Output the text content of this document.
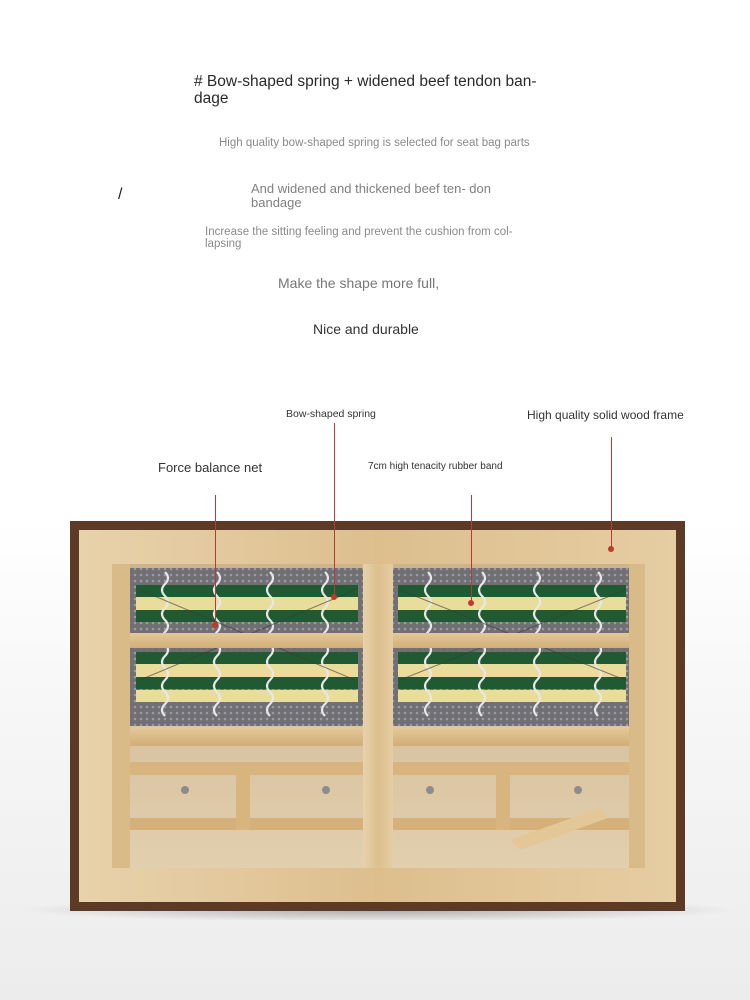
# Bow-shaped spring + widened beef tendon ban- dage
High quality bow-shaped spring is selected for seat bag parts
And widened and thickened beef ten- don bandage
Increase the sitting feeling and prevent the cushion from col- lapsing
Make the shape more full,
Nice and durable
/
Bow-shaped spring	High quality solid wood frame
Force balance net	7cm high tenacity rubber band
